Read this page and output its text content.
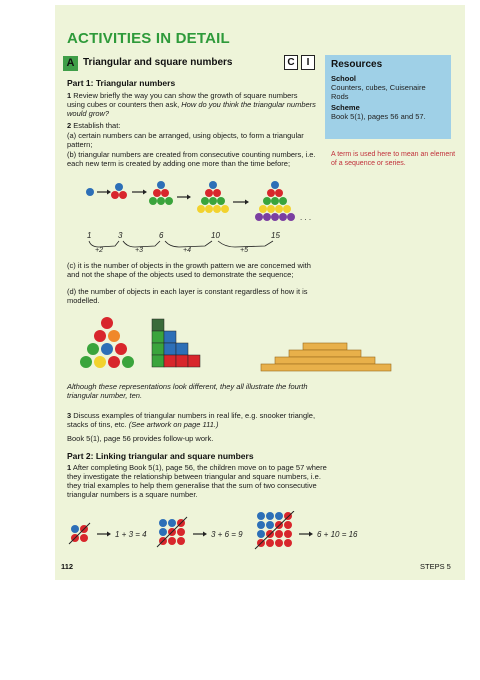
ACTIVITIES IN DETAIL
A Triangular and square numbers	C	I	Resources
School
Counters, cubes, Cuisenaire Rods
Scheme
Book 5(1), pages 56 and 57.
A term is used here to mean an element of a sequence or series.
Part 1: Triangular numbers
1 Review briefly the way you can show the growth of square numbers using cubes or counters then ask, How do you think the triangular numbers would grow?
2 Establish that:
(a) certain numbers can be arranged, using objects, to form a triangular pattern;
(b) triangular numbers are created from consecutive counting numbers, i.e. each new term is created by adding one more than the time before;
. . .
1	3	6	10	15
+2	+3	+4	+5
(c) it is the number of objects in the growth pattern we are concerned with and not the shape of the objects used to demonstrate the sequence;
(d) the number of objects in each layer is constant regardless of how it is modelled.
Although these representations look different, they all illustrate the fourth triangular number, ten.
3 Discuss examples of triangular numbers in real life, e.g. snooker triangle, stacks of tins, etc. (See artwork on page 111.)
Book 5(1), page 56 provides follow-up work.
Part 2: Linking triangular and square numbers
1 After completing Book 5(1), page 56, the children move on to page 57 where they investigate the relationship between triangular and square numbers, i.e. they trial examples to help them generalise that the sum of two consecutive triangular numbers is a square number.
1 + 3 = 4	3 + 6 = 9	6 + 10 = 16
112	STEPS 5
